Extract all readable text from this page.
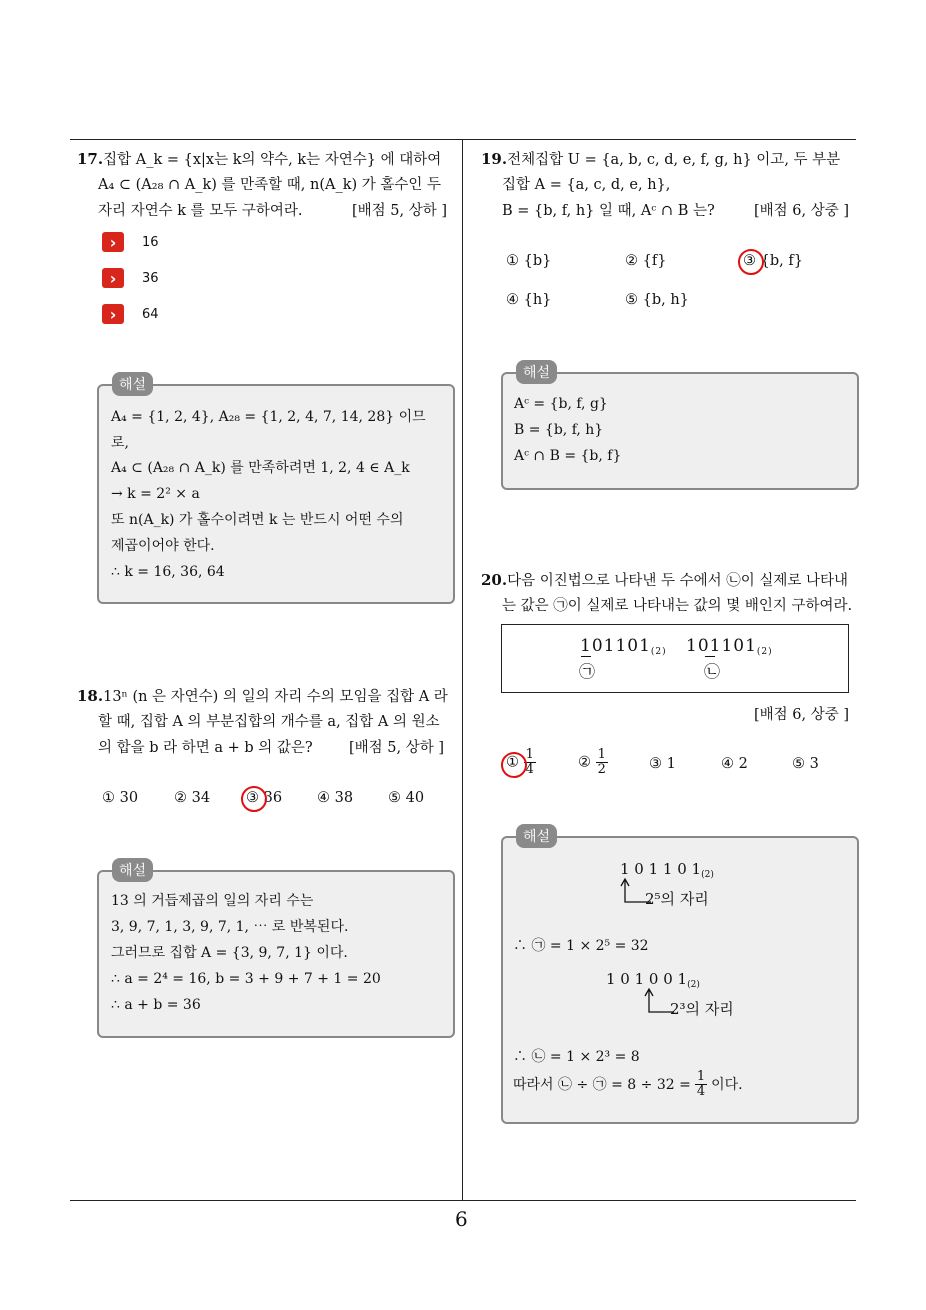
6
17.집합 A_k = {x|x는 k의 약수, k는 자연수} 에 대하여
A₄ ⊂ (A₂₈ ∩ A_k) 를 만족할 때, n(A_k) 가 홀수인 두
자리 자연수 k 를 모두 구하여라.	[배점 5, 상하 ]
›	16
›	36
›	64
해설
A₄ = {1, 2, 4}, A₂₈ = {1, 2, 4, 7, 14, 28} 이므
로,
A₄ ⊂ (A₂₈ ∩ A_k) 를 만족하려면 1, 2, 4 ∈ A_k
→ k = 2² × a
또 n(A_k) 가 홀수이려면 k 는 반드시 어떤 수의
제곱이어야 한다.
∴ k = 16, 36, 64
18.13ⁿ (n 은 자연수) 의 일의 자리 수의 모임을 집합 A 라
할 때, 집합 A 의 부분집합의 개수를 a, 집합 A 의 원소
의 합을 b 라 하면 a + b 의 값은?	[배점 5, 상하 ]
① 30 ② 34 ③ 36 ④ 38 ⑤ 40
해설
13 의 거듭제곱의 일의 자리 수는
3, 9, 7, 1, 3, 9, 7, 1, ⋯ 로 반복된다.
그러므로 집합 A = {3, 9, 7, 1} 이다.
∴ a = 2⁴ = 16, b = 3 + 9 + 7 + 1 = 20
∴ a + b = 36
19.전체집합 U = {a, b, c, d, e, f, g, h} 이고, 두 부분
집합 A = {a, c, d, e, h},
B = {b, f, h} 일 때, Aᶜ ∩ B 는?	[배점 6, 상중 ]
① {b}	② {f}	③ {b, f}
④ {h}	⑤ {b, h}
해설
Aᶜ = {b, f, g}
B = {b, f, h}
Aᶜ ∩ B = {b, f}
20.다음 이진법으로 나타낸 두 수에서 ㉡이 실제로 나타내
는 값은 ㉠이 실제로 나타내는 값의 몇 배인지 구하여라.
$101101_{(2)}$ $101101_{(2)}$
㉠	㉡
[배점 6, 상중 ]
① $\frac{1}{4}$	② $\frac{1}{2}$	③ 1	④ 2	⑤ 3
해설
1 0 1 1 0 $1_{(2)}$
2⁵의 자리
∴ ㉠ = 1 × 2⁵ = 32
1 0 1 0 0 $1_{(2)}$
2³의 자리
∴ ㉡ = 1 × 2³ = 8
따라서 ㉡ ÷ ㉠ = $8 \div 32 = \frac{1}{4}$ 이다.
